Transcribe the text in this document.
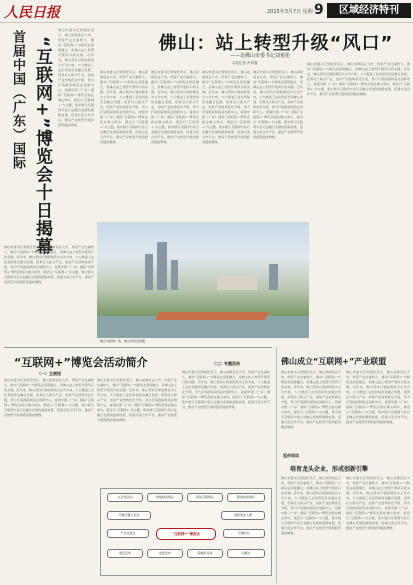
人民日报	2015年3月7日 星期一
9	区域经济特刊
首届中国（广东）国际 “互联网+”博览会十日揭幕
佛山市委书记刘悦伦表示，佛山是制造业大市，传统产业比重较大，推动“互联网+”与制造业深度融合，是佛山站上转型升级风口的关键。近年来，佛山坚持以智能制造为主攻方向，大力推进工业化和信息化融合发展，培育壮大新兴产业，加快产业结构优化升级，努力打造国家制造业创新中心。首届中国（广东）国际“互联网+”博览会将在佛山举办，展会以“互联网+”为主题，集中展示互联网与各行业融合发展的最新成果，搭建交流合作平台，推动产业转型升级和经济提质增效。
佛山市委书记刘悦伦表示，佛山是制造业大市，传统产业比重较大，推动“互联网+”与制造业深度融合，是佛山站上转型升级风口的关键。近年来，佛山坚持以智能制造为主攻方向，大力推进工业化和信息化融合发展，培育壮大新兴产业，加快产业结构优化升级，努力打造国家制造业创新中心。首届中国（广东）国际“互联网+”博览会将在佛山举办，展会以“互联网+”为主题，集中展示互联网与各行业融合发展的最新成果，搭建交流合作平台，推动产业转型升级和经济提质增效。
佛山：站上转型升级“风口”
——访佛山市委书记刘悦伦
本报记者 肖家鑫
佛山市委书记刘悦伦表示，佛山是制造业大市，传统产业比重较大，推动“互联网+”与制造业深度融合，是佛山站上转型升级风口的关键。近年来，佛山坚持以智能制造为主攻方向，大力推进工业化和信息化融合发展，培育壮大新兴产业，加快产业结构优化升级，努力打造国家制造业创新中心。首届中国（广东）国际“互联网+”博览会将在佛山举办，展会以“互联网+”为主题，集中展示互联网与各行业融合发展的最新成果，搭建交流合作平台，推动产业转型升级和经济提质增效。
佛山市委书记刘悦伦表示，佛山是制造业大市，传统产业比重较大，推动“互联网+”与制造业深度融合，是佛山站上转型升级风口的关键。近年来，佛山坚持以智能制造为主攻方向，大力推进工业化和信息化融合发展，培育壮大新兴产业，加快产业结构优化升级，努力打造国家制造业创新中心。首届中国（广东）国际“互联网+”博览会将在佛山举办，展会以“互联网+”为主题，集中展示互联网与各行业融合发展的最新成果，搭建交流合作平台，推动产业转型升级和经济提质增效。
佛山市委书记刘悦伦表示，佛山是制造业大市，传统产业比重较大，推动“互联网+”与制造业深度融合，是佛山站上转型升级风口的关键。近年来，佛山坚持以智能制造为主攻方向，大力推进工业化和信息化融合发展，培育壮大新兴产业，加快产业结构优化升级，努力打造国家制造业创新中心。首届中国（广东）国际“互联网+”博览会将在佛山举办，展会以“互联网+”为主题，集中展示互联网与各行业融合发展的最新成果，搭建交流合作平台，推动产业转型升级和经济提质增效。
佛山市委书记刘悦伦表示，佛山是制造业大市，传统产业比重较大，推动“互联网+”与制造业深度融合，是佛山站上转型升级风口的关键。近年来，佛山坚持以智能制造为主攻方向，大力推进工业化和信息化融合发展，培育壮大新兴产业，加快产业结构优化升级，努力打造国家制造业创新中心。首届中国（广东）国际“互联网+”博览会将在佛山举办，展会以“互联网+”为主题，集中展示互联网与各行业融合发展的最新成果，搭建交流合作平台，推动产业转型升级和经济提质增效。
佛山市委书记刘悦伦表示，佛山是制造业大市，传统产业比重较大，推动“互联网+”与制造业深度融合，是佛山站上转型升级风口的关键。近年来，佛山坚持以智能制造为主攻方向，大力推进工业化和信息化融合发展，培育壮大新兴产业，加快产业结构优化升级，努力打造国家制造业创新中心。首届中国（广东）国际“互联网+”博览会将在佛山举办，展会以“互联网+”为主题，集中展示互联网与各行业融合发展的最新成果，搭建交流合作平台，推动产业转型升级和经济提质增效。
佛山市新城一角，佛山市政府供图
“互联网+”博览会活动简介
（一）主展馆
佛山市委书记刘悦伦表示，佛山是制造业大市，传统产业比重较大，推动“互联网+”与制造业深度融合，是佛山站上转型升级风口的关键。近年来，佛山坚持以智能制造为主攻方向，大力推进工业化和信息化融合发展，培育壮大新兴产业，加快产业结构优化升级，努力打造国家制造业创新中心。首届中国（广东）国际“互联网+”博览会将在佛山举办，展会以“互联网+”为主题，集中展示互联网与各行业融合发展的最新成果，搭建交流合作平台，推动产业转型升级和经济提质增效。
佛山市委书记刘悦伦表示，佛山是制造业大市，传统产业比重较大，推动“互联网+”与制造业深度融合，是佛山站上转型升级风口的关键。近年来，佛山坚持以智能制造为主攻方向，大力推进工业化和信息化融合发展，培育壮大新兴产业，加快产业结构优化升级，努力打造国家制造业创新中心。首届中国（广东）国际“互联网+”博览会将在佛山举办，展会以“互联网+”为主题，集中展示互联网与各行业融合发展的最新成果，搭建交流合作平台，推动产业转型升级和经济提质增效。
（二）专题活动
佛山市委书记刘悦伦表示，佛山是制造业大市，传统产业比重较大，推动“互联网+”与制造业深度融合，是佛山站上转型升级风口的关键。近年来，佛山坚持以智能制造为主攻方向，大力推进工业化和信息化融合发展，培育壮大新兴产业，加快产业结构优化升级，努力打造国家制造业创新中心。首届中国（广东）国际“互联网+”博览会将在佛山举办，展会以“互联网+”为主题，集中展示互联网与各行业融合发展的最新成果，搭建交流合作平台，推动产业转型升级和经济提质增效。
主会场活动	智能制造展区	移动互联展区	跨境电商展区
开幕式暨主论坛	创新创业大赛
“互联网+”博览会
产业对接会	专题论坛
项目签约	成果发布	投融资对接	闭幕式
佛山成立“互联网+”产业联盟
佛山市委书记刘悦伦表示，佛山是制造业大市，传统产业比重较大，推动“互联网+”与制造业深度融合，是佛山站上转型升级风口的关键。近年来，佛山坚持以智能制造为主攻方向，大力推进工业化和信息化融合发展，培育壮大新兴产业，加快产业结构优化升级，努力打造国家制造业创新中心。首届中国（广东）国际“互联网+”博览会将在佛山举办，展会以“互联网+”为主题，集中展示互联网与各行业融合发展的最新成果，搭建交流合作平台，推动产业转型升级和经济提质增效。
佛山市委书记刘悦伦表示，佛山是制造业大市，传统产业比重较大，推动“互联网+”与制造业深度融合，是佛山站上转型升级风口的关键。近年来，佛山坚持以智能制造为主攻方向，大力推进工业化和信息化融合发展，培育壮大新兴产业，加快产业结构优化升级，努力打造国家制造业创新中心。首届中国（广东）国际“互联网+”博览会将在佛山举办，展会以“互联网+”为主题，集中展示互联网与各行业融合发展的最新成果，搭建交流合作平台，推动产业转型升级和经济提质增效。
延伸阅读
培育龙头企业，形成创新引擎
佛山市委书记刘悦伦表示，佛山是制造业大市，传统产业比重较大，推动“互联网+”与制造业深度融合，是佛山站上转型升级风口的关键。近年来，佛山坚持以智能制造为主攻方向，大力推进工业化和信息化融合发展，培育壮大新兴产业，加快产业结构优化升级，努力打造国家制造业创新中心。首届中国（广东）国际“互联网+”博览会将在佛山举办，展会以“互联网+”为主题，集中展示互联网与各行业融合发展的最新成果，搭建交流合作平台，推动产业转型升级和经济提质增效。
佛山市委书记刘悦伦表示，佛山是制造业大市，传统产业比重较大，推动“互联网+”与制造业深度融合，是佛山站上转型升级风口的关键。近年来，佛山坚持以智能制造为主攻方向，大力推进工业化和信息化融合发展，培育壮大新兴产业，加快产业结构优化升级，努力打造国家制造业创新中心。首届中国（广东）国际“互联网+”博览会将在佛山举办，展会以“互联网+”为主题，集中展示互联网与各行业融合发展的最新成果，搭建交流合作平台，推动产业转型升级和经济提质增效。
